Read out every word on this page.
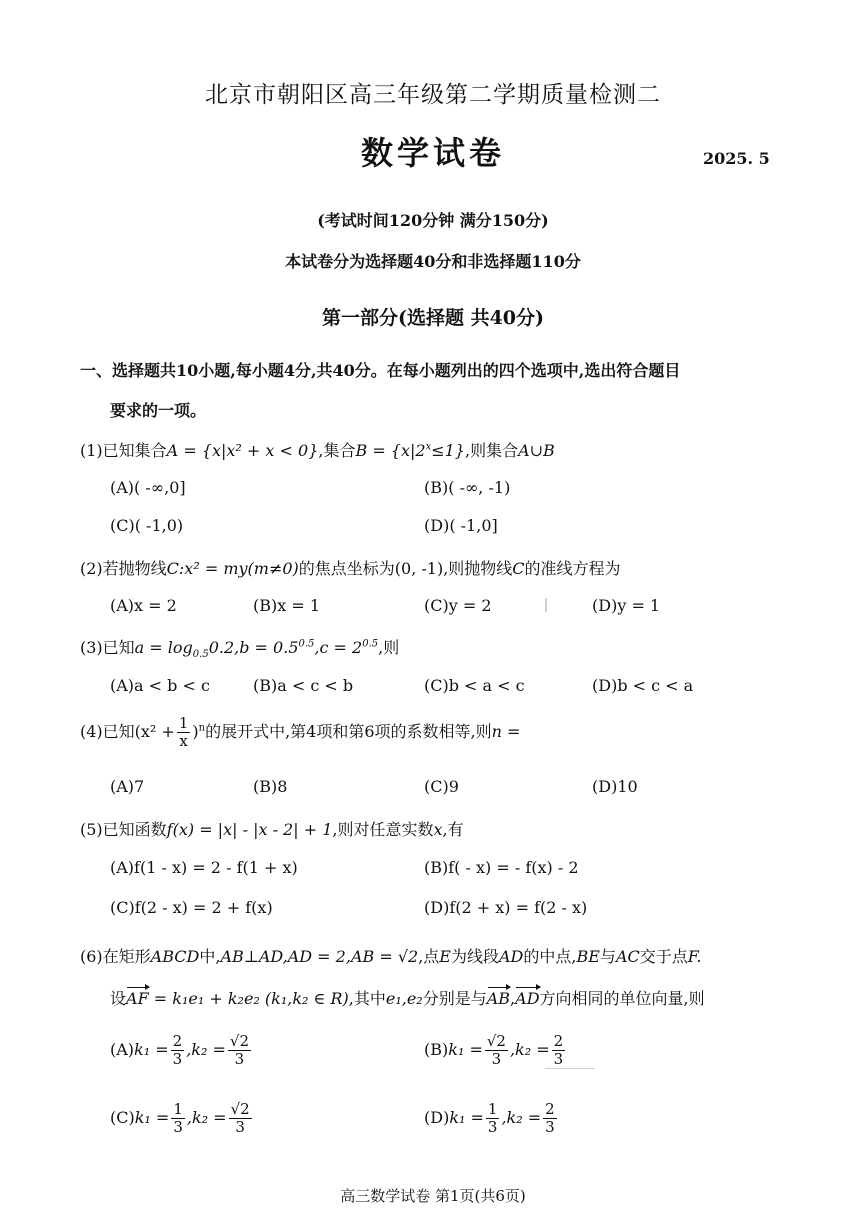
北京市朝阳区高三年级第二学期质量检测二
数学试卷	2025. 5
(考试时间120分钟 满分150分)
本试卷分为选择题40分和非选择题110分
第一部分(选择题 共40分)
一、选择题共10小题,每小题4分,共40分。在每小题列出的四个选项中,选出符合题目
要求的一项。
(1)已知集合A = {x|x² + x < 0},集合$B = \{x|2^x\le 1\}$,则集合A∪B
(A)( -∞,0]	(B)( -∞, -1)
(C)( -1,0)	(D)( -1,0]
(2)若抛物线C:x² = my(m≠0)的焦点坐标为(0, -1),则抛物线C的准线方程为
(A)x = 2	(B)x = 1	(C)y = 2	(D)y = 1
(3)已知$a = \log_{0.5}0.2,b = 0.5^{0.5},c = 2^{0.5}$,则
(A)a < b < c	(B)a < c < b	(C)b < a < c	(D)b < c < a
(4)已知$(x^2 + \frac{1}{x} )^n$的展开式中,第4项和第6项的系数相等,则n =
(A)7	(B)8	(C)9	(D)10
(5)已知函数f(x) = |x| - |x - 2| + 1,则对任意实数x,有
(A)f(1 - x) = 2 - f(1 + x)	(B)f( - x) = - f(x) - 2
(C)f(2 - x) = 2 + f(x)	(D)f(2 + x) = f(2 - x)
(6)在矩形ABCD中,AB⊥AD,AD = 2,AB = √2,点E为线段AD的中点,BE与AC交于点F.
设AF = k₁e₁ + k₂e₂ (k₁,k₂ ∈ R),其中e₁,e₂分别是与AB,AD方向相同的单位向量,则
$(A)k_1 = \frac{2}{3} ,k_2 = \frac{√2}{3}$	$(B)k_1 = \frac{√2}{3} ,k_2 = \frac{2}{3}$
$(C)k_1 = \frac{1}{3} ,k_2 = \frac{√2}{3}$	$(D)k_1 = \frac{1}{3} ,k_2 = \frac{2}{3}$
高三数学试卷 第1页(共6页)
